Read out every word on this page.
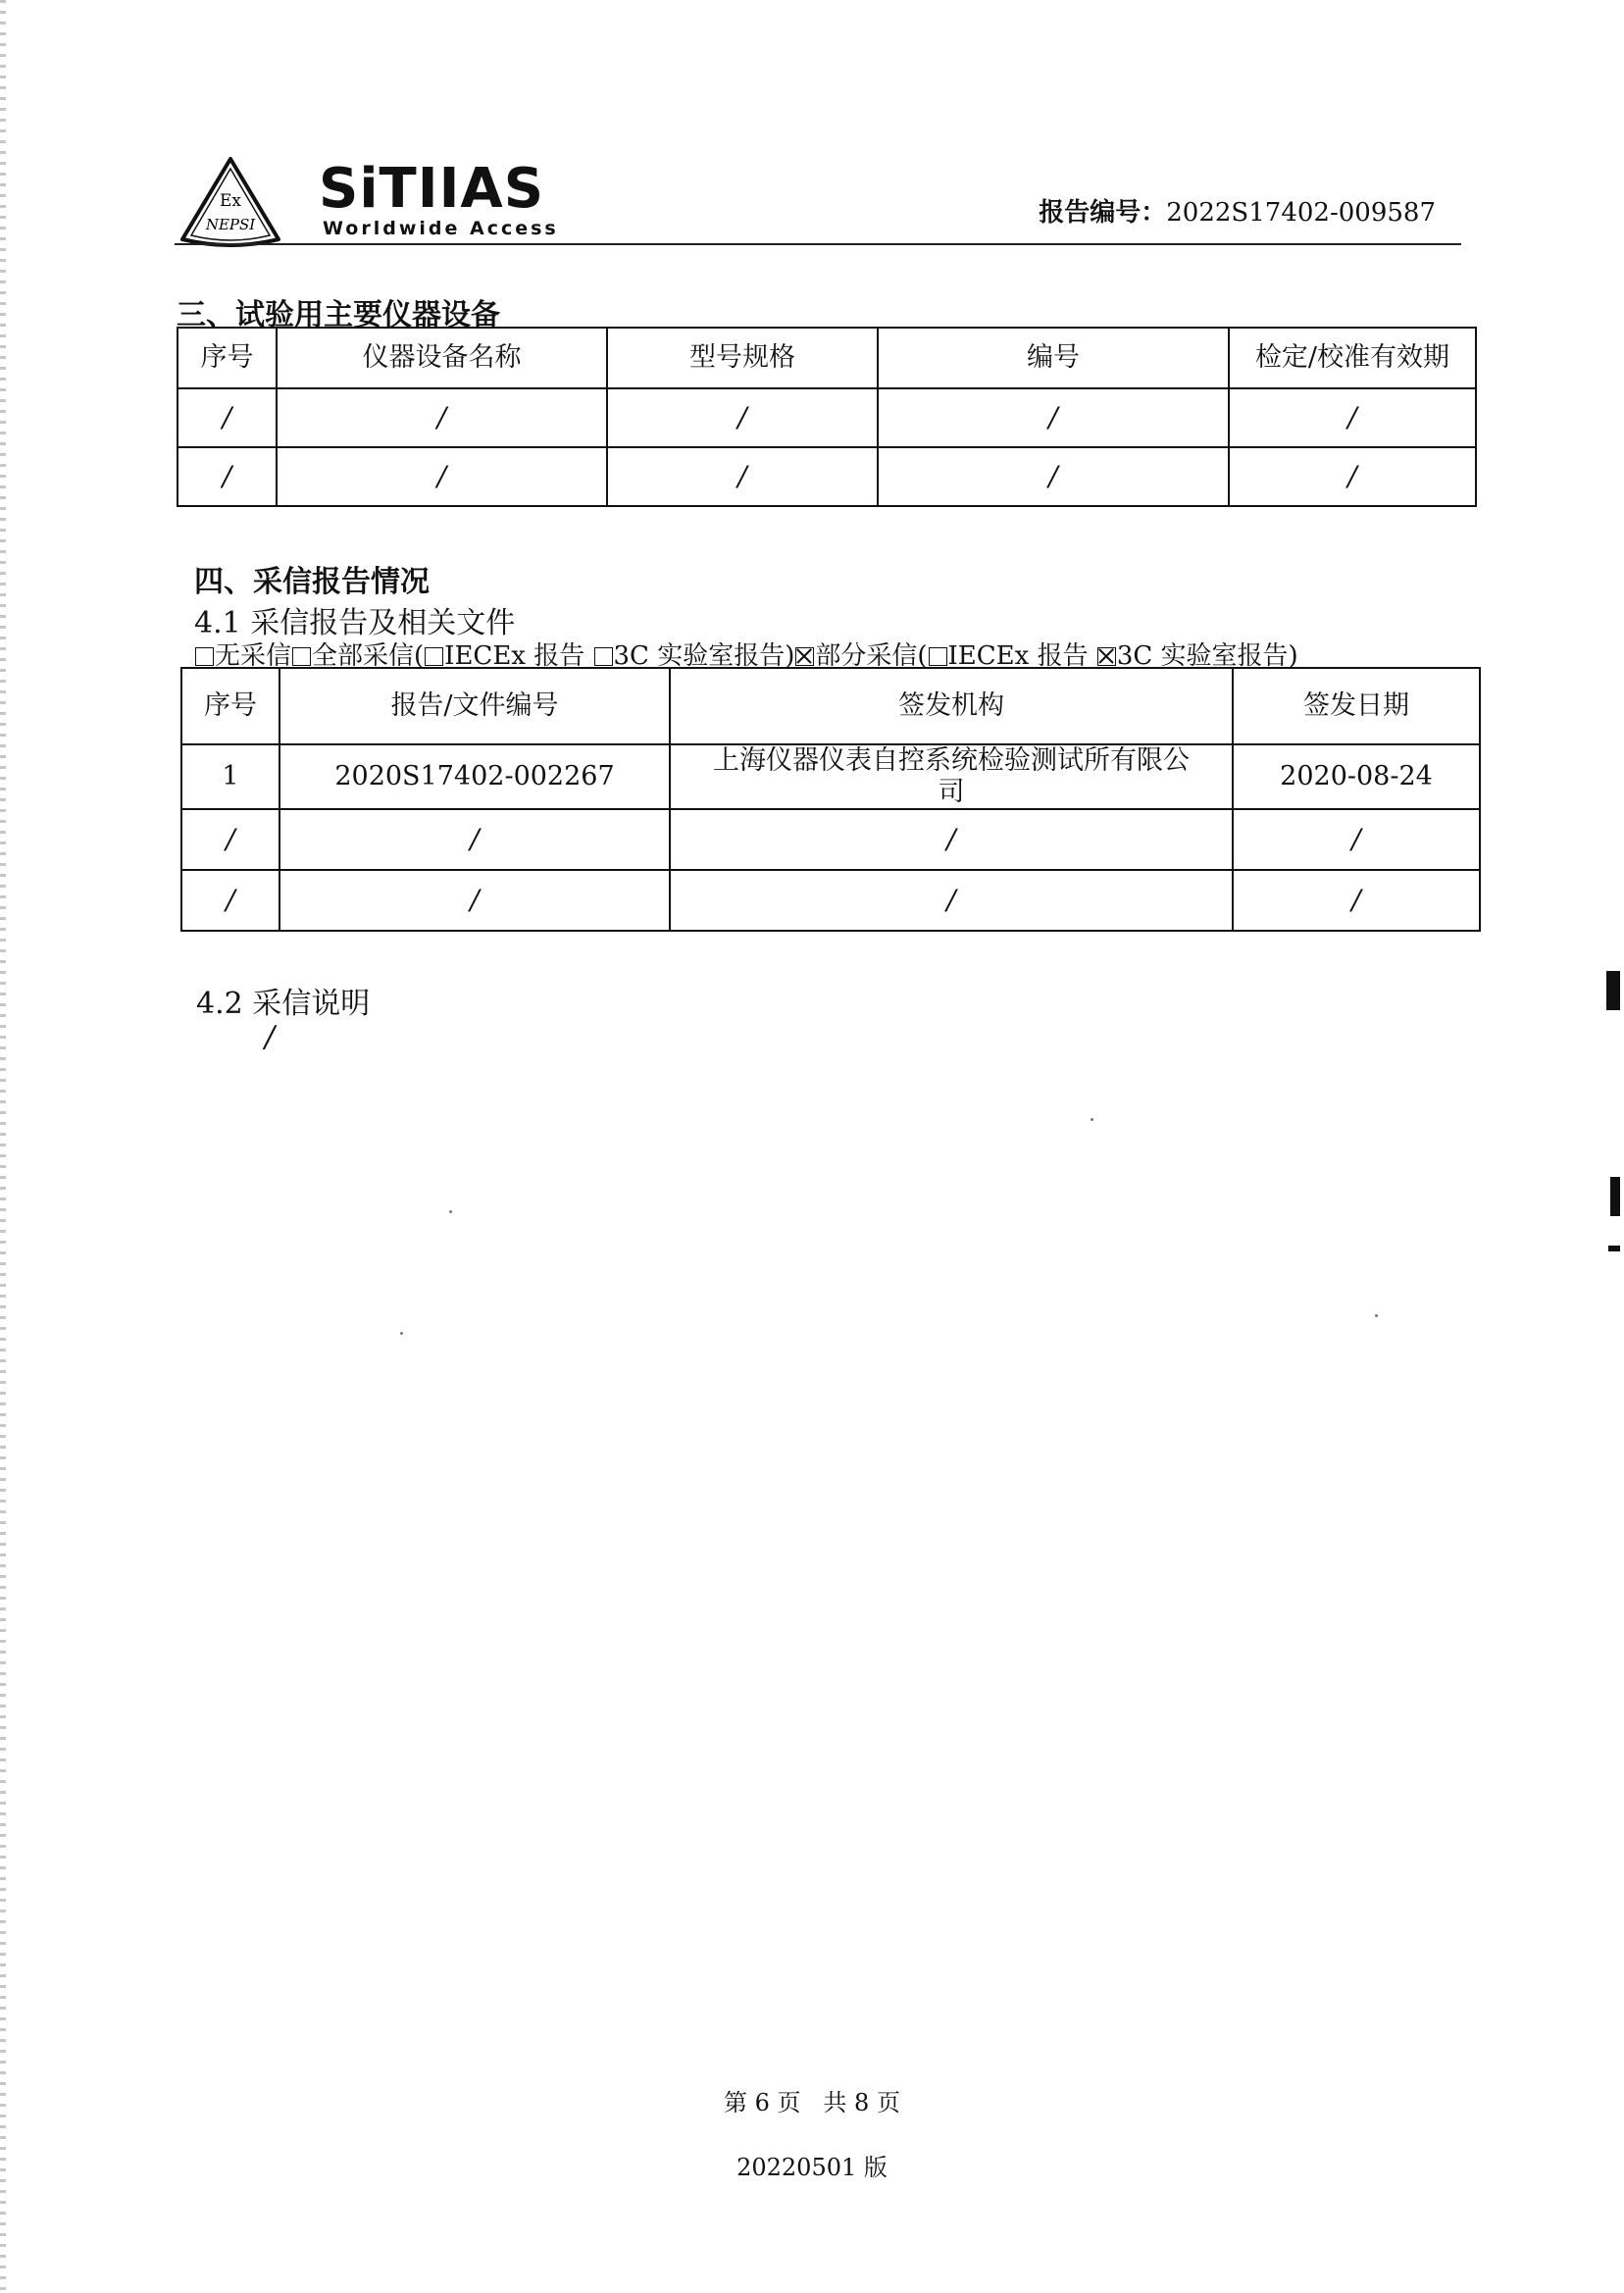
Ex
NEPSI
SiTIIAS
Worldwide Access
报告编号：2022S17402-009587
三、试验用主要仪器设备
序号	仪器设备名称	型号规格	编号	检定/校准有效期
/	/	/	/	/
/	/	/	/	/
四、采信报告情况
4.1 采信报告及相关文件
无采信 全部采信( IECEx 报告 3C 实验室报告) 部分采信( IECEx 报告 3C 实验室报告)
序号	报告/文件编号	签发机构	签发日期
1	2020S17402-002267	上海仪器仪表自控系统检验测试所有限公司	2020-08-24
/	/	/	/
/	/	/	/
4.2 采信说明
/
第 6 页   共 8 页
20220501 版
